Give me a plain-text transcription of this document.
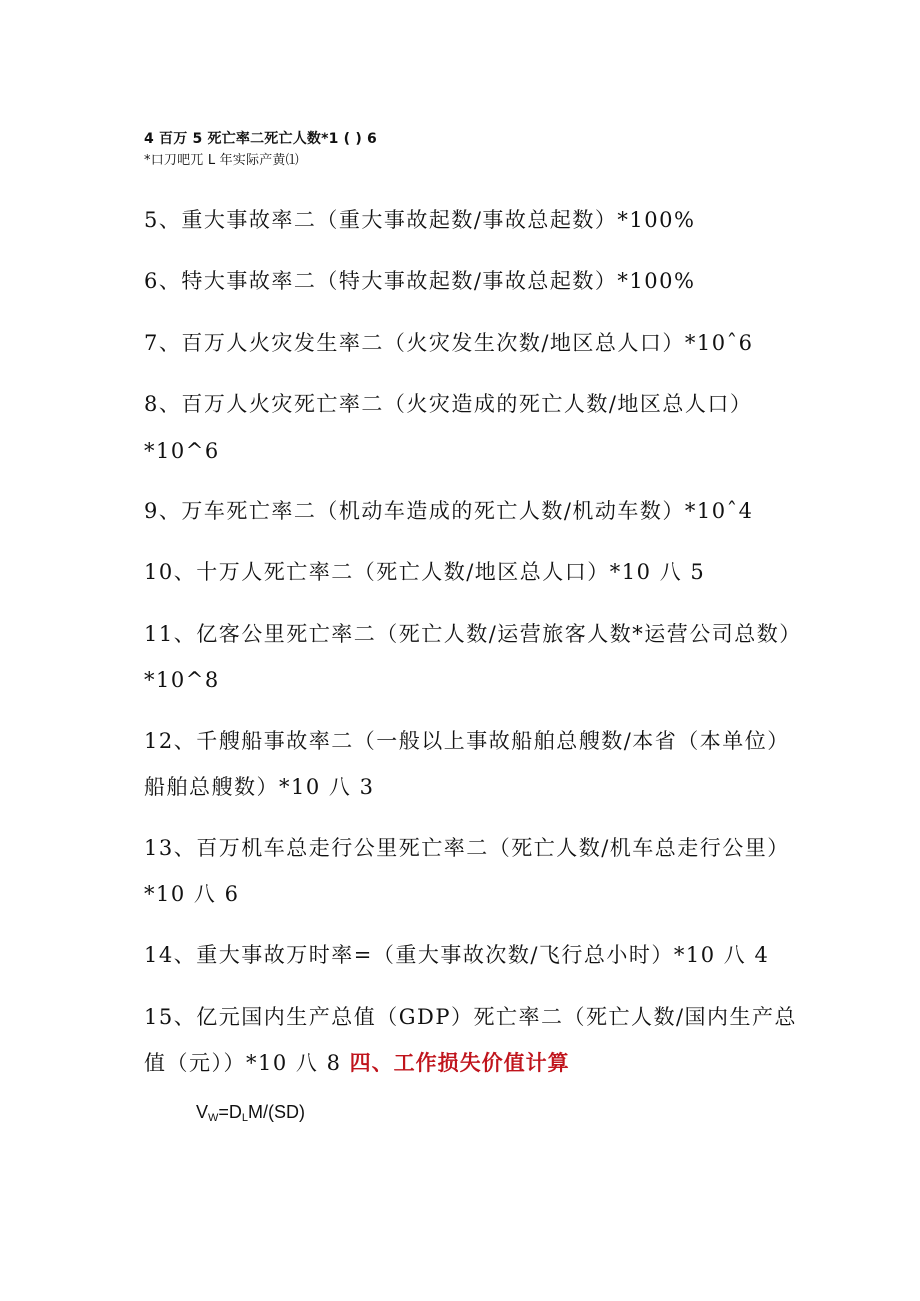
4 百万 5 死亡率二死亡人数*1 ( ) 6
*口刀吧兀 L 年实际产黄⑴
5、重大事故率二（重大事故起数/事故总起数）*100%
6、特大事故率二（特大事故起数/事故总起数）*100%
7、百万人火灾发生率二（火灾发生次数/地区总人口）*10ˆ6
8、百万人火灾死亡率二（火灾造成的死亡人数/地区总人口）
*10^6
9、万车死亡率二（机动车造成的死亡人数/机动车数）*10ˆ4
10、十万人死亡率二（死亡人数/地区总人口）*10 八 5
11、亿客公里死亡率二（死亡人数/运营旅客人数*运营公司总数）
*10^8
12、千艘船事故率二（一般以上事故船舶总艘数/本省（本单位）
船舶总艘数）*10 八 3
13、百万机车总走行公里死亡率二（死亡人数/机车总走行公里）
*10 八 6
14、重大事故万时率=（重大事故次数/飞行总小时）*10 八 4
15、亿元国内生产总值（GDP）死亡率二（死亡人数/国内生产总
值（元））*10 八 8 四、工作损失价值计算
$V_W=D_LM/(SD)$
